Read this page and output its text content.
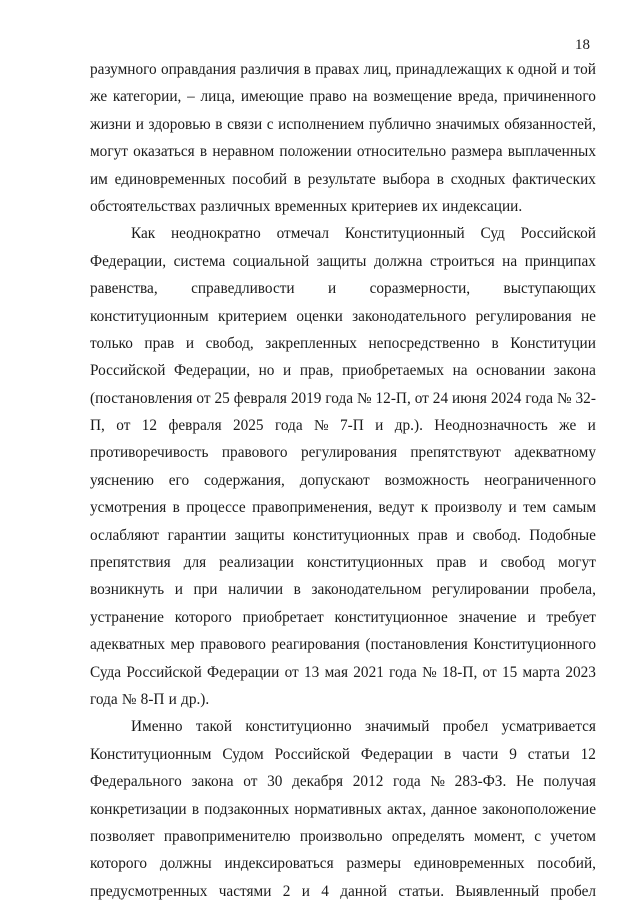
18
разумного оправдания различия в правах лиц, принадлежащих к одной и той
же категории, – лица, имеющие право на возмещение вреда, причиненного
жизни и здоровью в связи с исполнением публично значимых обязанностей,
могут оказаться в неравном положении относительно размера выплаченных
им единовременных пособий в результате выбора в сходных фактических
обстоятельствах различных временных критериев их индексации.
Как неоднократно отмечал Конституционный Суд Российской
Федерации, система социальной защиты должна строиться на принципах
равенства, справедливости и соразмерности, выступающих
конституционным критерием оценки законодательного регулирования не
только прав и свобод, закрепленных непосредственно в Конституции
Российской Федерации, но и прав, приобретаемых на основании закона
(постановления от 25 февраля 2019 года № 12-П, от 24 июня 2024 года № 32-
П, от 12 февраля 2025 года № 7-П и др.). Неоднозначность же и
противоречивость правового регулирования препятствуют адекватному
уяснению его содержания, допускают возможность неограниченного
усмотрения в процессе правоприменения, ведут к произволу и тем самым
ослабляют гарантии защиты конституционных прав и свобод. Подобные
препятствия для реализации конституционных прав и свобод могут
возникнуть и при наличии в законодательном регулировании пробела,
устранение которого приобретает конституционное значение и требует
адекватных мер правового реагирования (постановления Конституционного
Суда Российской Федерации от 13 мая 2021 года № 18-П, от 15 марта 2023
года № 8-П и др.).
Именно такой конституционно значимый пробел усматривается
Конституционным Судом Российской Федерации в части 9 статьи 12
Федерального закона от 30 декабря 2012 года № 283-ФЗ. Не получая
конкретизации в подзаконных нормативных актах, данное законоположение
позволяет правоприменителю произвольно определять момент, с учетом
которого должны индексироваться размеры единовременных пособий,
предусмотренных частями 2 и 4 данной статьи. Выявленный пробел
